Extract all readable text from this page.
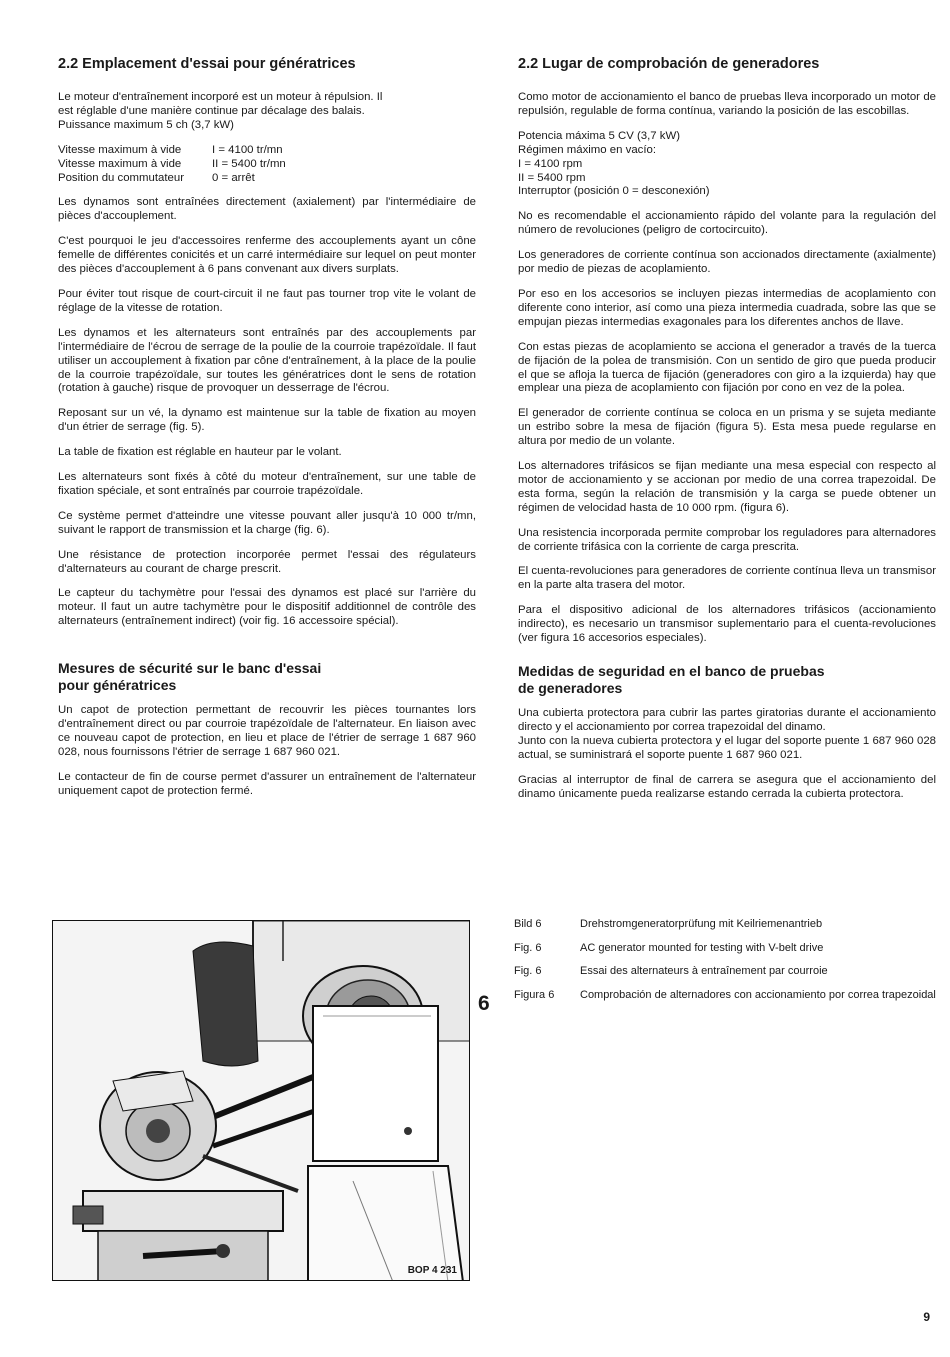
2.2 Emplacement d'essai pour génératrices

Le moteur d'entraînement incorporé est un moteur à répulsion. Il
est réglable d'une manière continue par décalage des balais.
Puissance maximum 5 ch (3,7 kW)

Vitesse maximum à vide	I = 4100 tr/mn
Vitesse maximum à vide	II = 5400 tr/mn
Position du commutateur	0 = arrêt

Les dynamos sont entraînées directement (axialement) par l'intermédiaire de pièces d'accouplement.

C'est pourquoi le jeu d'accessoires renferme des accouplements ayant un cône femelle de différentes conicités et un carré intermédiaire sur lequel on peut monter des pièces d'accouplement à 6 pans convenant aux divers surplats.

Pour éviter tout risque de court-circuit il ne faut pas tourner trop vite le volant de réglage de la vitesse de rotation.

Les dynamos et les alternateurs sont entraînés par des accouplements par l'intermédiaire de l'écrou de serrage de la poulie de la courroie trapézoïdale. Il faut utiliser un accouplement à fixation par cône d'entraînement, à la place de la poulie de la courroie trapézoïdale, sur toutes les génératrices dont le sens de rotation (rotation à gauche) risque de provoquer un desserrage de l'écrou.

Reposant sur un vé, la dynamo est maintenue sur la table de fixation au moyen d'un étrier de serrage (fig. 5).

La table de fixation est réglable en hauteur par le volant.

Les alternateurs sont fixés à côté du moteur d'entraînement, sur une table de fixation spéciale, et sont entraînés par courroie trapézoïdale.

Ce système permet d'atteindre une vitesse pouvant aller jusqu'à 10 000 tr/mn, suivant le rapport de transmission et la charge (fig. 6).

Une résistance de protection incorporée permet l'essai des régulateurs d'alternateurs au courant de charge prescrit.

Le capteur du tachymètre pour l'essai des dynamos est placé sur l'arrière du moteur. Il faut un autre tachymètre pour le dispositif additionnel de contrôle des alternateurs (entraînement indirect) (voir fig. 16 accessoire spécial).

Mesures de sécurité sur le banc d'essai
pour génératrices

Un capot de protection permettant de recouvrir les pièces tournantes lors d'entraînement direct ou par courroie trapézoïdale de l'alternateur. En liaison avec ce nouveau capot de protection, en lieu et place de l'étrier de serrage 1 687 960 028, nous fournissons l'étrier de serrage 1 687 960 021.

Le contacteur de fin de course permet d'assurer un entraînement de l'alternateur uniquement capot de protection fermé.

2.2 Lugar de comprobación de generadores

Como motor de accionamiento el banco de pruebas lleva incorporado un motor de repulsión, regulable de forma contínua, variando la posición de las escobillas.

Potencia máxima 5 CV (3,7 kW)
Régimen máximo en vacío:
I = 4100 rpm
II = 5400 rpm
Interruptor (posición 0 = desconexión)

No es recomendable el accionamiento rápido del volante para la regulación del número de revoluciones (peligro de cortocircuito).

Los generadores de corriente contínua son accionados directamente (axialmente) por medio de piezas de acoplamiento.

Por eso en los accesorios se incluyen piezas intermedias de acoplamiento con diferente cono interior, así como una pieza intermedia cuadrada, sobre las que se empujan piezas intermedias exagonales para los diferentes anchos de llave.

Con estas piezas de acoplamiento se acciona el generador a través de la tuerca de fijación de la polea de transmisión. Con un sentido de giro que pueda producir el que se afloja la tuerca de fijación (generadores con giro a la izquierda) hay que emplear una pieza de acoplamiento con fijación por cono en vez de la polea.

El generador de corriente contínua se coloca en un prisma y se sujeta mediante un estribo sobre la mesa de fijación (figura 5). Esta mesa puede regularse en altura por medio de un volante.

Los alternadores trifásicos se fijan mediante una mesa especial con respecto al motor de accionamiento y se accionan por medio de una correa trapezoidal. De esta forma, según la relación de transmisión y la carga se puede obtener un régimen de velocidad hasta de 10 000 rpm. (figura 6).

Una resistencia incorporada permite comprobar los reguladores para alternadores de corriente trifásica con la corriente de carga prescrita.

El cuenta-revoluciones para generadores de corriente contínua lleva un transmisor en la parte alta trasera del motor.

Para el dispositivo adicional de los alternadores trifásicos (accionamiento indirecto), es necesario un transmisor suplementario para el cuenta-revoluciones (ver figura 16 accesorios especiales).

Medidas de seguridad en el banco de pruebas
de generadores

Una cubierta protectora para cubrir las partes giratorias durante el accionamiento directo y el accionamiento por correa trapezoidal del dinamo.
Junto con la nueva cubierta protectora y el lugar del soporte puente 1 687 960 028 actual, se suministrará el soporte puente 1 687 960 021.

Gracias al interruptor de final de carrera se asegura que el accionamiento del dinamo únicamente pueda realizarse estando cerrada la cubierta protectora.

BOP 4 231
6
Bild 6	Drehstromgeneratorprüfung mit Keilriemenantrieb
Fig. 6	AC generator mounted for testing with V-belt drive
Fig. 6	Essai des alternateurs à entraînement par courroie
Figura 6	Comprobación de alternadores con accionamiento por correa trapezoidal
9
